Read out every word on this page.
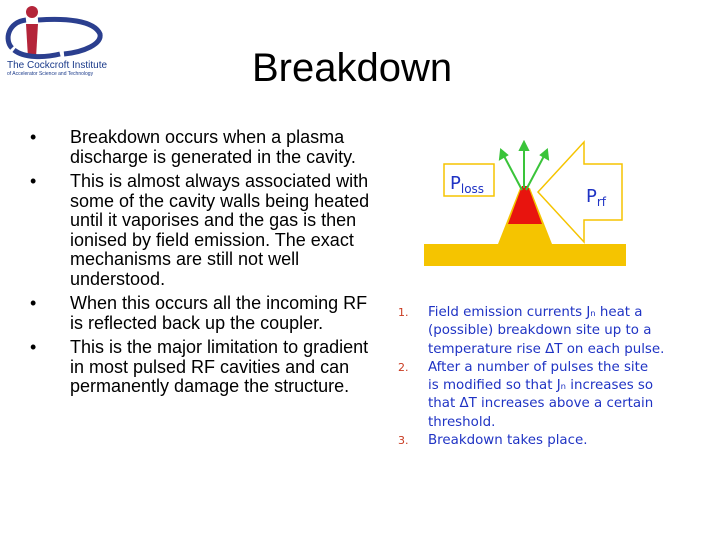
The Cockcroft Institute
of Accelerator Science and Technology	Breakdown
• Breakdown occurs when a plasma discharge is generated in the cavity.
• This is almost always associated with some of the cavity walls being heated until it vaporises and the gas is then ionised by field emission. The exact mechanisms are still not well understood.
• When this occurs all the incoming RF is reflected back up the coupler.
• This is the major limitation to gradient in most pulsed RF cavities and can permanently damage the structure.
$P_{loss}$	$P_{rf}$
1. Field emission currents Jₙ heat a
(possible) breakdown site up to a
temperature rise ΔT on each pulse.
2. After a number of pulses the site
is modified so that Jₙ increases so
that ΔT increases above a certain
threshold.
3. Breakdown takes place.
